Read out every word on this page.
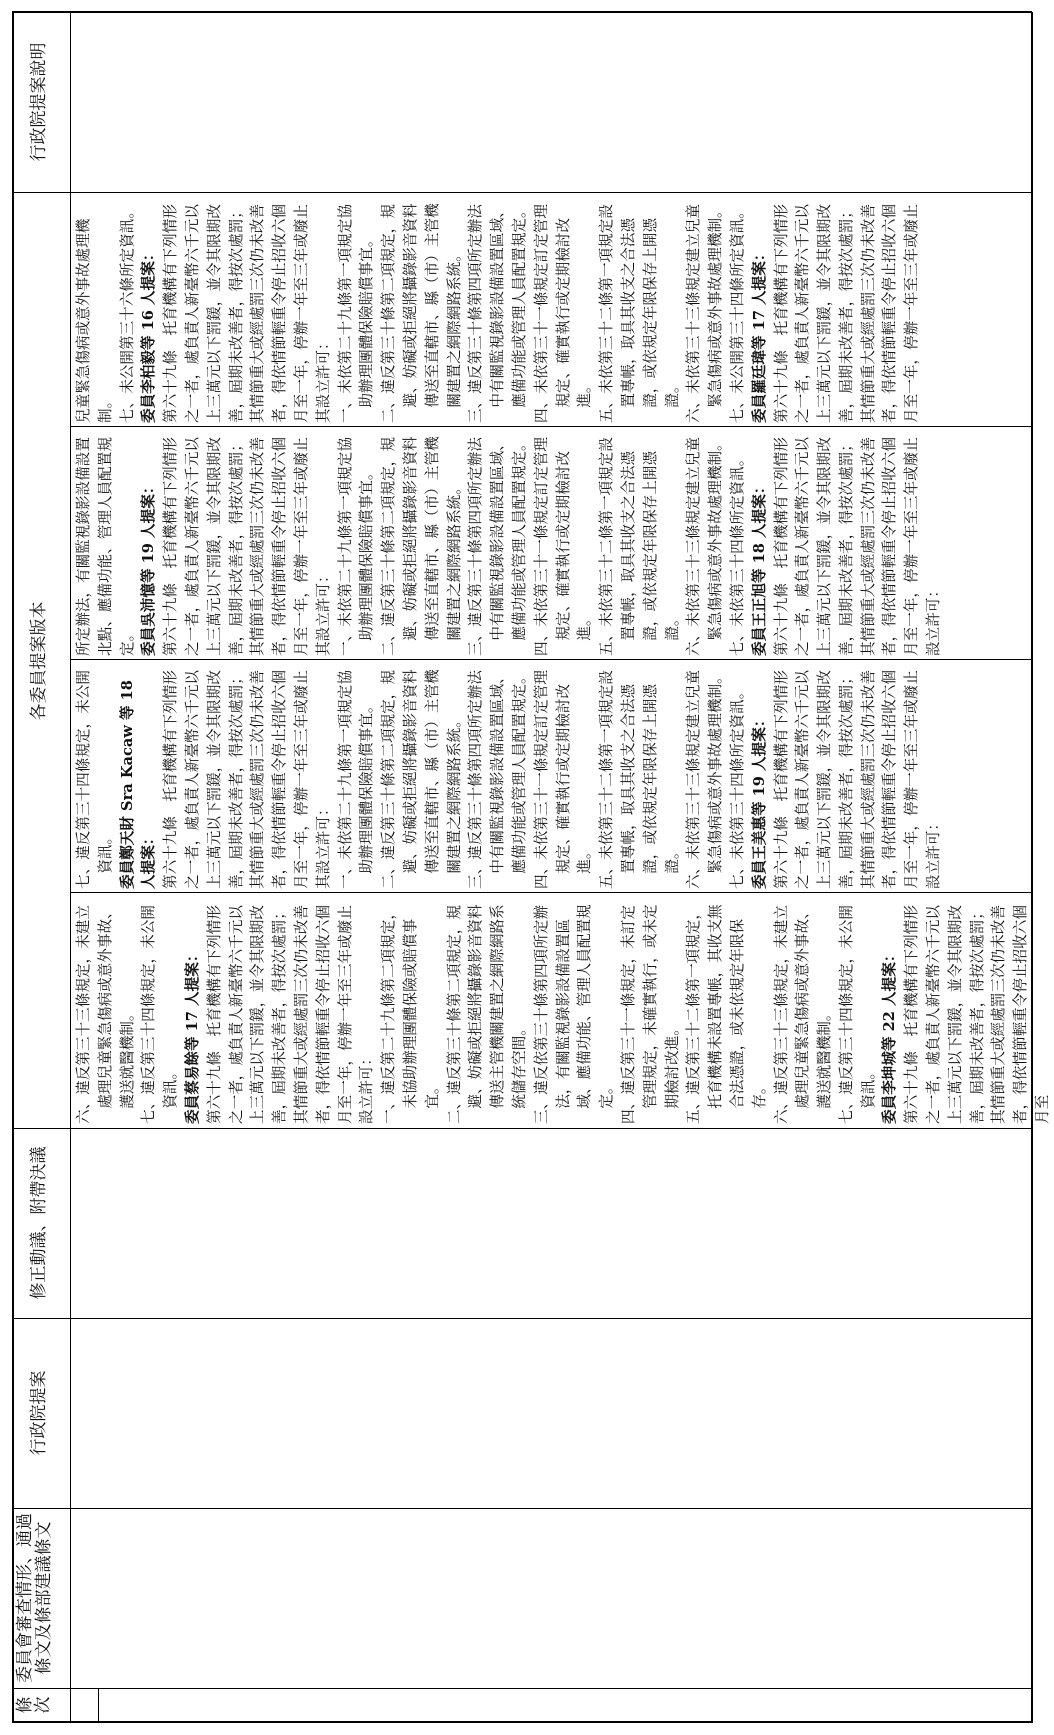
條
次
委員會審查情形、通過條文及條部建議條文
行政院提案
修正動議、附帶決議
各委員提案版本
行政院提案說明

六、違反第三十三條規定，未建立處理兒童緊急傷病或意外事故、護送就醫機制。 七、違反第三十四條規定，未公開資訊。 委員蔡易餘等 17 人提案： 第六十九條　托育機構有下列情形之一者，處負責人新臺幣六千元以上三萬元以下罰鍰，並令其限期改善，屆期未改善者，得按次處罰；其情節重大或經處罰三次仍未改善者，得依情節輕重令停止招收六個月至一年，停辦一年至三年或廢止設立許可： 一、違反第二十九條第二項規定，未協助辦理團體保險或賠償事宜。 二、違反第三十條第二項規定，規避、妨礙或拒絕將攝錄影音資料傳送主管機關建置之網際網路系統儲存空間。 三、違反依第三十條第四項所定辦法，有關監視錄影設備設置區域、應備功能、管理人員配置規定。 四、違反第三十一條規定，未訂定管理規定，未確實執行，或未定期檢討改進。 五、違反第三十二條第一項規定，托育機構未設置專帳，其收支無合法憑證，或未依規定年限保存。 六、違反第三十三條規定，未建立處理兒童緊急傷病或意外事故、護送就醫機制。 七、違反第三十四條規定，未公開資訊。 委員李坤城等 22 人提案： 第六十九條　托育機構有下列情形之一者，處負責人新臺幣六千元以上三萬元以下罰鍰，並令其限期改善，屆期未改善者，得按次處罰；其情節重大或經處罰三次仍未改善者，得依情節輕重令停止招收六個月至

七、違反第三十四條規定，未公開資訊。 委員鄭天財 Sra Kacaw 等 18 人提案： 第六十九條　托育機構有下列情形之一者，處負責人新臺幣六千元以上三萬元以下罰鍰，並令其限期改善，屆期未改善者，得按次處罰；其情節重大或經處罰三次仍未改善者，得依情節輕重令停止招收六個月至一年，停辦一年至三年或廢止其設立許可： 一、未依第二十九條第一項規定協助辦理團體保險賠償事宜。 二、違反第三十條第二項規定，規避、妨礙或拒絕將攝錄影音資料傳送至直轄市、縣（市）主管機關建置之網際網路系統。 三、違反第三十條第四項所定辦法中有關監視錄影設備設置區域、應備功能或管理人員配置規定。 四、未依第三十一條規定訂定管理規定、確實執行或定期檢討改進。 五、未依第三十二條第一項規定設置專帳，取具其收支之合法憑證，或依規定年限保存上開憑證。 六、未依第三十三條規定建立兒童緊急傷病或意外事故處理機制。 七、未依第三十四條所定資訊。 委員王美惠等 19 人提案： 第六十九條　托育機構有下列情形之一者，處負責人新臺幣六千元以上三萬元以下罰鍰，並令其限期改善，屆期未改善者，得按次處罰；其情節重大或經處罰三次仍未改善者，得依情節輕重令停止招收六個月至一年，停辦一年至三年或廢止設立許可：

所定辦法，有關監視錄影設備設置北點、應備功能、管理人員配置規定。 委員吳沛憶等 19 人提案： 第六十九條　托育機構有下列情形之一者，處負責人新臺幣六千元以上三萬元以下罰鍰，並令其限期改善，屆期未改善者，得按次處罰；其情節重大或經處罰三次仍未改善者，得依情節輕重令停止招收六個月至一年，停辦一年至三年或廢止其設立許可： 一、未依第二十九條第一項規定協助辦理團體保險賠償事宜。 二、違反第三十條第二項規定，規避、妨礙或拒絕將攝錄影音資料傳送至直轄市、縣（市）主管機關建置之網際網路系統。 三、違反第三十條第四項所定辦法中有關監視錄影設備設置區域、應備功能或管理人員配置規定。 四、未依第三十一條規定訂定管理規定、確實執行或定期檢討改進。 五、未依第三十二條第一項規定設置專帳，取具其收支之合法憑證，或依規定年限保存上開憑證。 六、未依第三十三條規定建立兒童緊急傷病或意外事故處理機制。 七、未依第三十四條所定資訊。 委員王正旭等 18 人提案： 第六十九條　托育機構有下列情形之一者，處負責人新臺幣六千元以上三萬元以下罰鍰，並令其限期改善，屆期未改善者，得按次處罰；其情節重大或經處罰三次仍未改善者，得依情節輕重令停止招收六個月至一年，停辦一年至三年或廢止設立許可：

兒童緊急傷病或意外事故處理機制。 七、未公開第三十六條所定資訊。 委員李柏毅等 16 人提案： 第六十九條　托育機構有下列情形之一者，處負責人新臺幣六千元以上三萬元以下罰鍰，並令其限期改善，屆期未改善者，得按次處罰；其情節重大或經處罰三次仍未改善者，得依情節輕重令停止招收六個月至一年，停辦一年至三年或廢止其設立許可： 一、未依第二十九條第一項規定協助辦理團體保險賠償事宜。 二、違反第三十條第二項規定，規避、妨礙或拒絕將攝錄影音資料傳送至直轄市、縣（市）主管機關建置之網際網路系統。 三、違反第三十條第四項所定辦法中有關監視錄影設備設置區域、應備功能或管理人員配置規定。 四、未依第三十一條規定訂定管理規定、確實執行或定期檢討改進。 五、未依第三十二條第一項規定設置專帳，取具其收支之合法憑證，或依規定年限保存上開憑證。 六、未依第三十三條規定建立兒童緊急傷病或意外事故處理機制。 七、未公開第三十四條所定資訊。 委員羅廷瑋等 17 人提案： 第六十九條　托育機構有下列情形之一者，處負責人新臺幣六千元以上三萬元以下罰鍰，並令其限期改善，屆期未改善者，得按次處罰；其情節重大或經處罰三次仍未改善者，得依情節輕重令停止招收六個月至一年，停辦一年至三年或廢止
